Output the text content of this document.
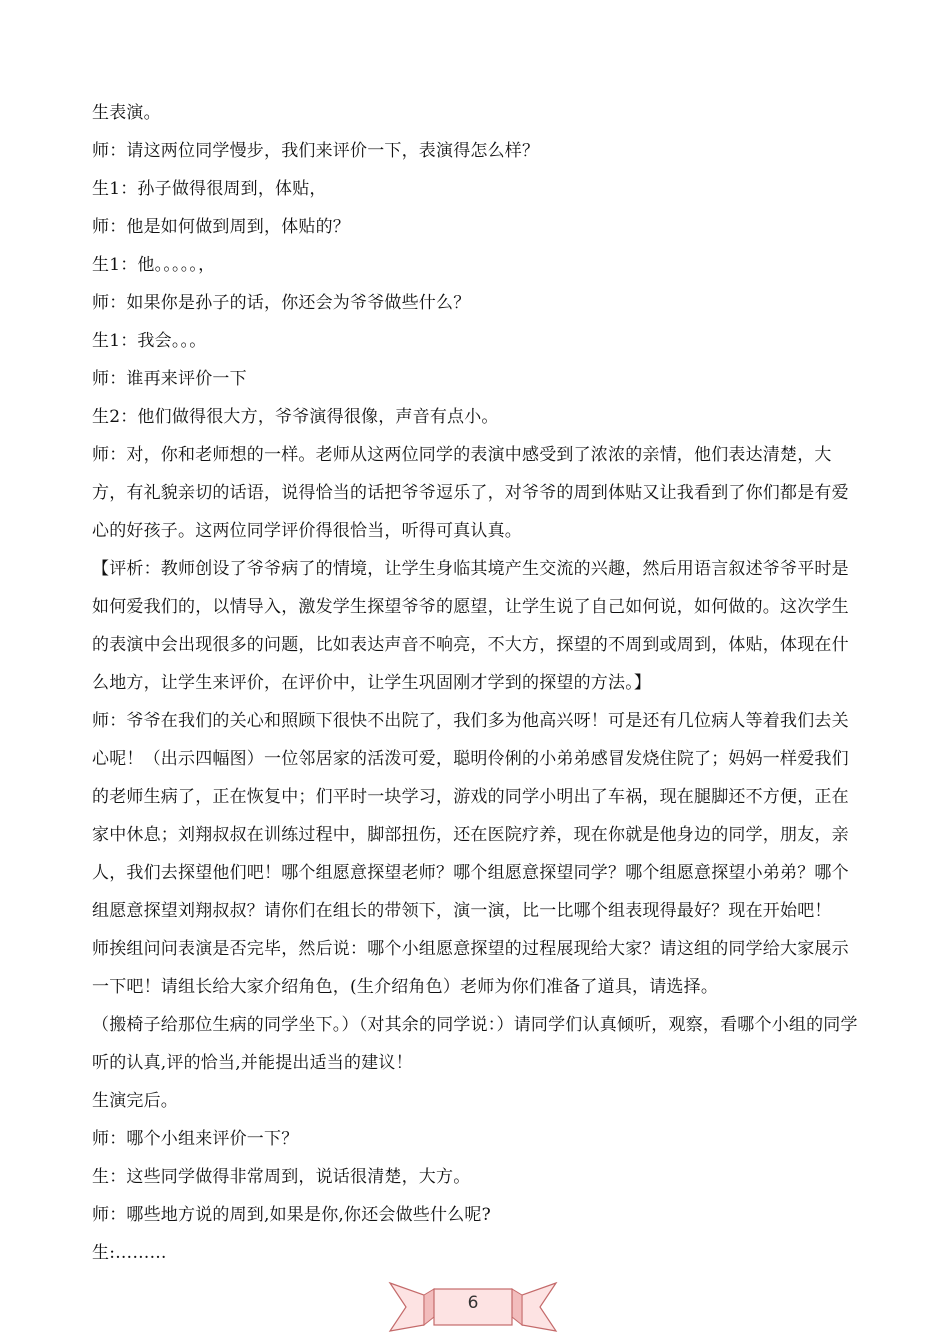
生表演。

师：请这两位同学慢步，我们来评价一下，表演得怎么样？

生1：孙子做得很周到，体贴，

师：他是如何做到周到，体贴的？

生1：他。。。。。，

师：如果你是孙子的话，你还会为爷爷做些什么？

生1：我会。。。

师：谁再来评价一下

生2：他们做得很大方，爷爷演得很像，声音有点小。

师：对，你和老师想的一样。老师从这两位同学的表演中感受到了浓浓的亲情，他们表达清楚，大方，有礼貌亲切的话语，说得恰当的话把爷爷逗乐了，对爷爷的周到体贴又让我看到了你们都是有爱心的好孩子。这两位同学评价得很恰当，听得可真认真。

【评析：教师创设了爷爷病了的情境，让学生身临其境产生交流的兴趣，然后用语言叙述爷爷平时是如何爱我们的，以情导入，激发学生探望爷爷的愿望，让学生说了自己如何说，如何做的。这次学生的表演中会出现很多的问题，比如表达声音不响亮，不大方，探望的不周到或周到，体贴，体现在什么地方，让学生来评价，在评价中，让学生巩固刚才学到的探望的方法。】

师：爷爷在我们的关心和照顾下很快不出院了，我们多为他高兴呀！可是还有几位病人等着我们去关心呢！（出示四幅图）一位邻居家的活泼可爱，聪明伶俐的小弟弟感冒发烧住院了；妈妈一样爱我们的老师生病了，正在恢复中；们平时一块学习，游戏的同学小明出了车祸，现在腿脚还不方便，正在家中休息；刘翔叔叔在训练过程中，脚部扭伤，还在医院疗养，现在你就是他身边的同学，朋友，亲人，我们去探望他们吧！哪个组愿意探望老师？哪个组愿意探望同学？哪个组愿意探望小弟弟？哪个组愿意探望刘翔叔叔？请你们在组长的带领下，演一演，比一比哪个组表现得最好？现在开始吧！

师挨组问问表演是否完毕，然后说：哪个小组愿意探望的过程展现给大家？请这组的同学给大家展示一下吧！请组长给大家介绍角色，(生介绍角色）老师为你们准备了道具，请选择。

（搬椅子给那位生病的同学坐下。）（对其余的同学说：）请同学们认真倾听，观察，看哪个小组的同学听的认真,评的恰当,并能提出适当的建议！

生演完后。

师：哪个小组来评价一下？

生：这些同学做得非常周到，说话很清楚，大方。

师：哪些地方说的周到,如果是你,你还会做些什么呢?

生:………

6
